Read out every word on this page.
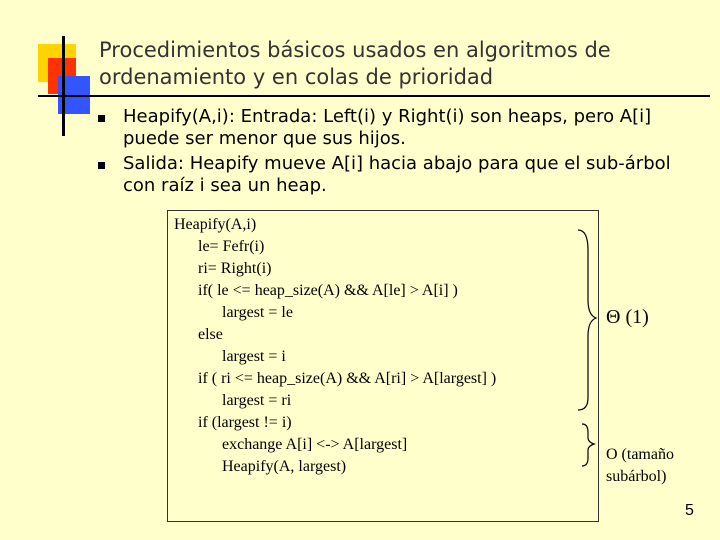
Procedimientos básicos usados en algoritmos de ordenamiento y en colas de prioridad
Heapify(A,i): Entrada: Left(i) y Right(i) son heaps, pero A[i] puede ser menor que sus hijos.
Salida: Heapify mueve A[i] hacia abajo para que el sub-árbol con raíz i sea un heap.
Heapify(A,i)
le= Fefr(i)
ri= Right(i)
if( le <= heap_size(A) && A[le] > A[i] )
largest = le
else
largest = i
if ( ri <= heap_size(A) && A[ri] > A[largest] )
largest = ri
if (largest != i)
exchange A[i] <-> A[largest]
Heapify(A, largest)
Θ (1)
O (tamaño subárbol)
5
